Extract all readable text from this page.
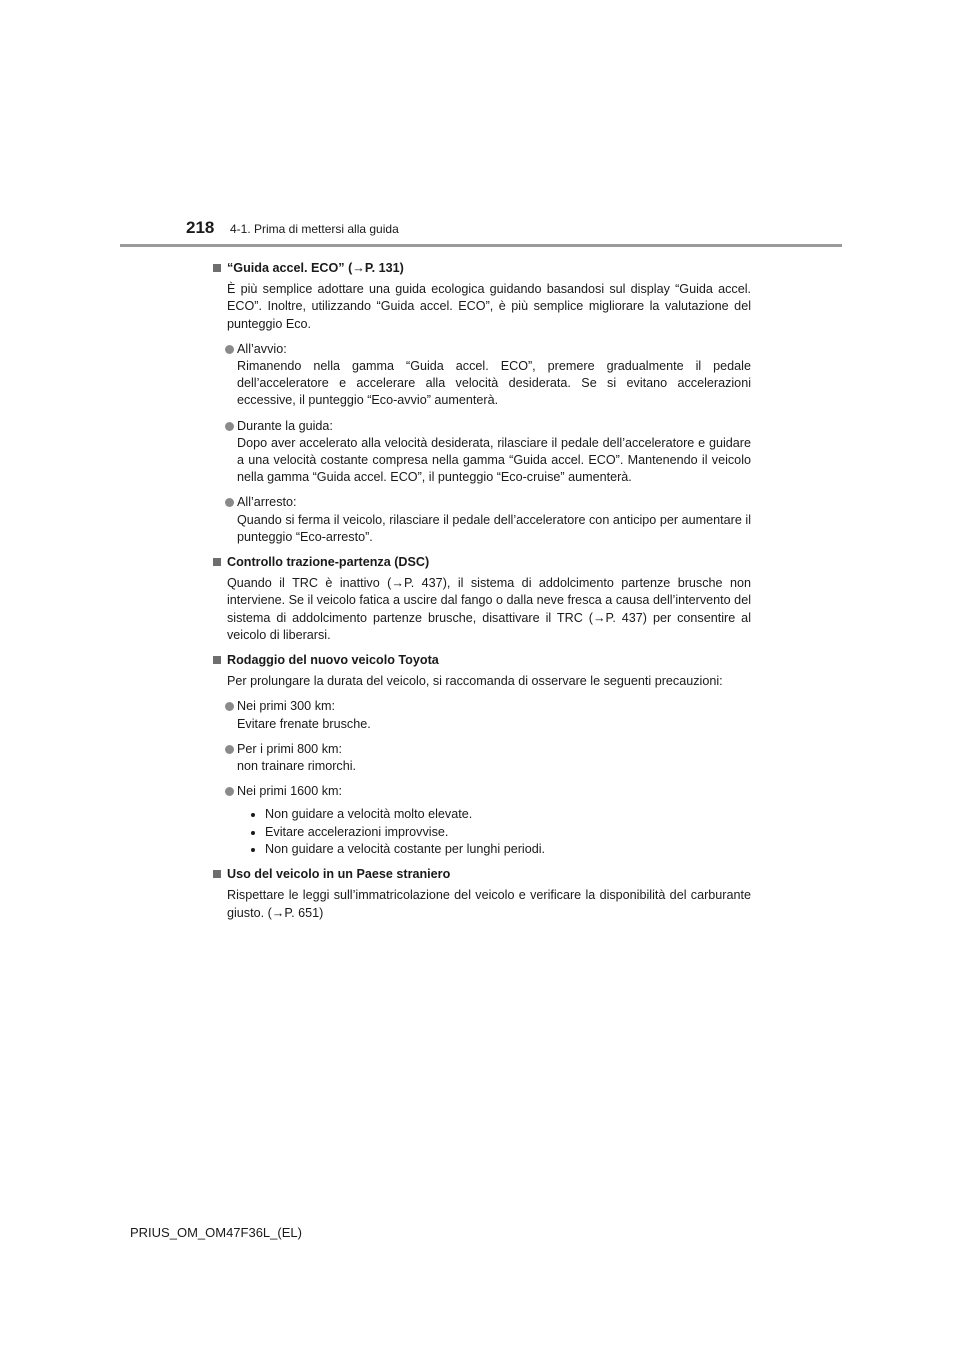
218 4-1. Prima di mettersi alla guida
“Guida accel. ECO” (→P. 131)
È più semplice adottare una guida ecologica guidando basandosi sul display “Guida accel. ECO”. Inoltre, utilizzando “Guida accel. ECO”, è più semplice migliorare la valutazione del punteggio Eco.
All’avvio:
Rimanendo nella gamma “Guida accel. ECO”, premere gradualmente il pedale dell’acceleratore e accelerare alla velocità desiderata. Se si evitano accelerazioni eccessive, il punteggio “Eco-avvio” aumenterà.
Durante la guida:
Dopo aver accelerato alla velocità desiderata, rilasciare il pedale dell’acceleratore e guidare a una velocità costante compresa nella gamma “Guida accel. ECO”. Mantenendo il veicolo nella gamma “Guida accel. ECO”, il punteggio “Eco-cruise” aumenterà.
All’arresto:
Quando si ferma il veicolo, rilasciare il pedale dell’acceleratore con anticipo per aumentare il punteggio “Eco-arresto”.
Controllo trazione-partenza (DSC)
Quando il TRC è inattivo (→P. 437), il sistema di addolcimento partenze brusche non interviene. Se il veicolo fatica a uscire dal fango o dalla neve fresca a causa dell’intervento del sistema di addolcimento partenze brusche, disattivare il TRC (→P. 437) per consentire al veicolo di liberarsi.
Rodaggio del nuovo veicolo Toyota
Per prolungare la durata del veicolo, si raccomanda di osservare le seguenti precauzioni:
Nei primi 300 km:
Evitare frenate brusche.
Per i primi 800 km:
non trainare rimorchi.
Nei primi 1600 km:
Non guidare a velocità molto elevate.
Evitare accelerazioni improvvise.
Non guidare a velocità costante per lunghi periodi.
Uso del veicolo in un Paese straniero
Rispettare le leggi sull’immatricolazione del veicolo e verificare la disponibilità del carburante giusto. (→P. 651)
PRIUS_OM_OM47F36L_(EL)
